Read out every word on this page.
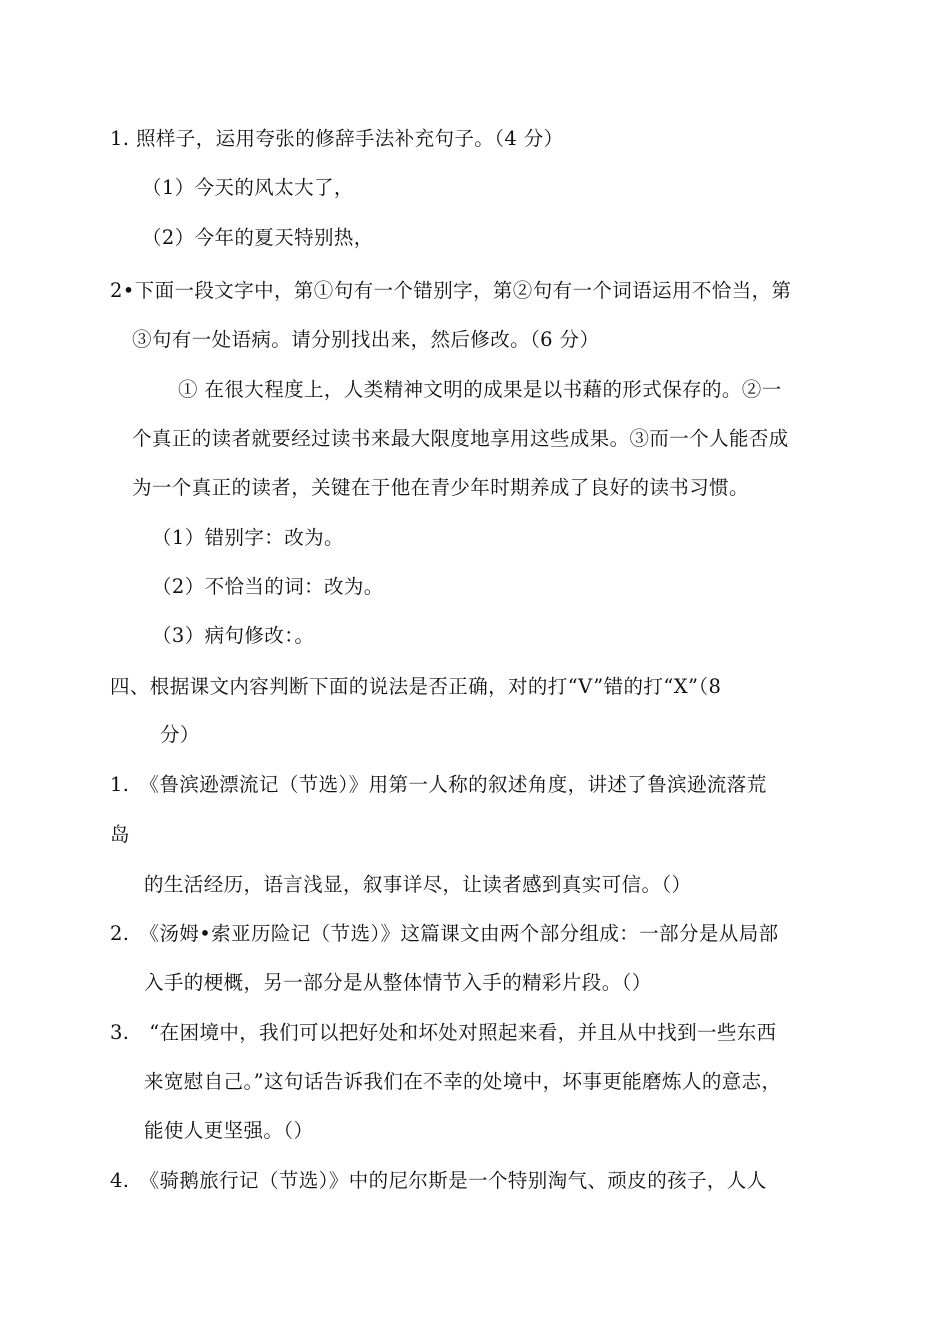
1. 照样子，运用夸张的修辞手法补充句子。（4 分）
（1）今天的风太大了，
（2）今年的夏天特别热，
2•下面一段文字中，第①句有一个错别字，第②句有一个词语运用不恰当，第
③句有一处语病。请分别找出来，然后修改。（6 分）
① 在很大程度上，人类精神文明的成果是以书藉的形式保存的。②一
个真正的读者就要经过读书来最大限度地享用这些成果。③而一个人能否成
为一个真正的读者，关键在于他在青少年时期养成了良好的读书习惯。
（1）错别字：改为。
（2）不恰当的词：改为。
（3）病句修改：。
四、根据课文内容判断下面的说法是否正确，对的打“V”错的打“X”（8
分）
1.　《鲁滨逊漂流记（节选）》用第一人称的叙述角度，讲述了鲁滨逊流落荒
岛
的生活经历，语言浅显，叙事详尽，让读者感到真实可信。（）
2.　《汤姆•索亚历险记（节选）》这篇课文由两个部分组成：一部分是从局部
入手的梗概，另一部分是从整体情节入手的精彩片段。（）
3.　“在困境中，我们可以把好处和坏处对照起来看，并且从中找到一些东西
来宽慰自己。”这句话告诉我们在不幸的处境中，坏事更能磨炼人的意志，
能使人更坚强。（）
4.　《骑鹅旅行记（节选）》中的尼尔斯是一个特别淘气、顽皮的孩子，人人
